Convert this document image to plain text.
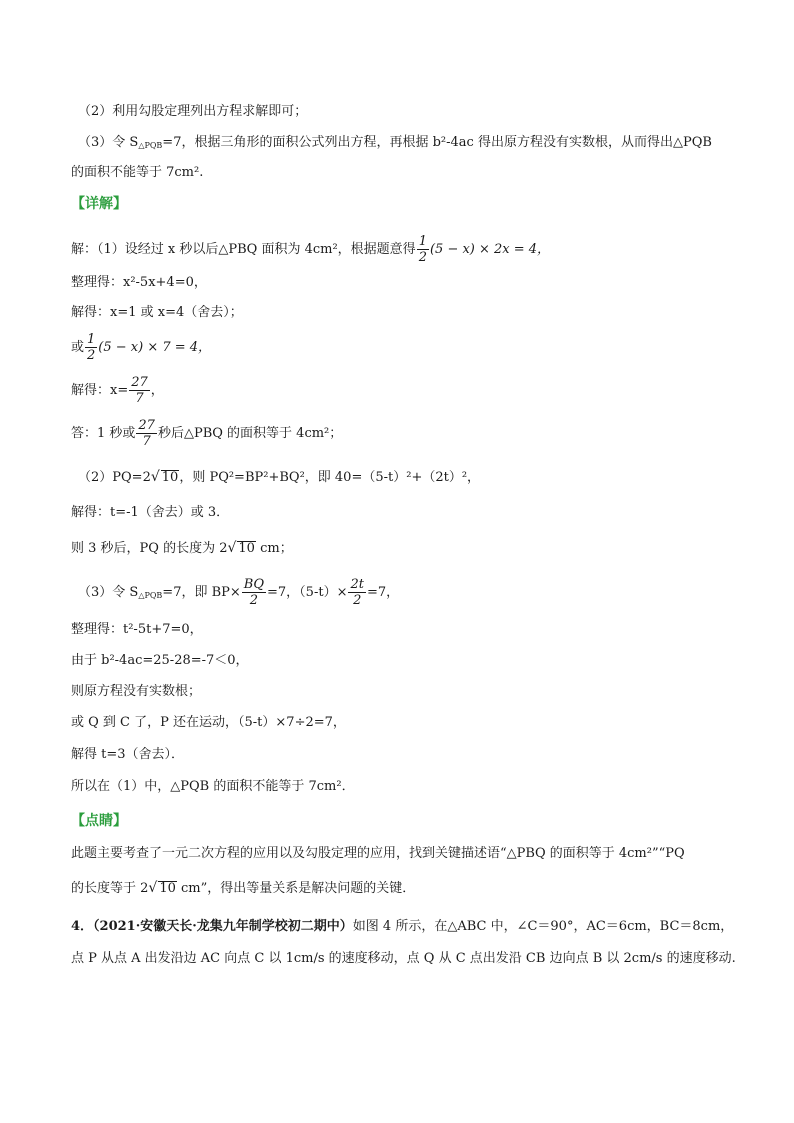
（2）利用勾股定理列出方程求解即可；
（3）令 $S_{\triangle PQB}=7$，根据三角形的面积公式列出方程，再根据 b²-4ac 得出原方程没有实数根，从而得出△PQB
的面积不能等于 7cm².
【详解】
解：（1）设经过 x 秒以后△PBQ 面积为 4cm²，根据题意得 $\frac{1}{2} (5 - x) \times 2x = 4$，
整理得：x²-5x+4=0，
解得：x=1 或 x=4（舍去）；
或 $\frac{1}{2} (5 - x) \times 7 = 4$，
解得：$x= \frac{27}{7}$ ，
答：1 秒或 $\frac{27}{7}$ 秒后△PBQ 的面积等于 4cm²；
（2）PQ=2√ 10，则 PQ²=BP²+BQ²，即 40=（5-t）²+（2t）²，
解得：t=-1（舍去）或 3．
则 3 秒后，PQ 的长度为 2√ 10 cm；
（3）令 $S_{\triangle PQB}=7$，即 $BP\times \frac{BQ}{2} =7$，$(5-t)\times \frac{2t}{2} =7$，
整理得：t²-5t+7=0，
由于 b²-4ac=25-28=-7＜0，
则原方程没有实数根；
或 Q 到 C 了，P 还在运动，（5-t）×7÷2=7，
解得 t=3（舍去）．
所以在（1）中，△PQB 的面积不能等于 7cm²．
【点睛】
此题主要考查了一元二次方程的应用以及勾股定理的应用，找到关键描述语“△PBQ 的面积等于 4cm²”“PQ
的长度等于 2√ 10 cm”，得出等量关系是解决问题的关键．
4．（2021·安徽天长·龙集九年制学校初二期中）如图 4 所示，在△ABC 中，∠C＝90°，AC＝6cm，BC＝8cm，
点 P 从点 A 出发沿边 AC 向点 C 以 1cm/s 的速度移动，点 Q 从 C 点出发沿 CB 边向点 B 以 2cm/s 的速度移动.
